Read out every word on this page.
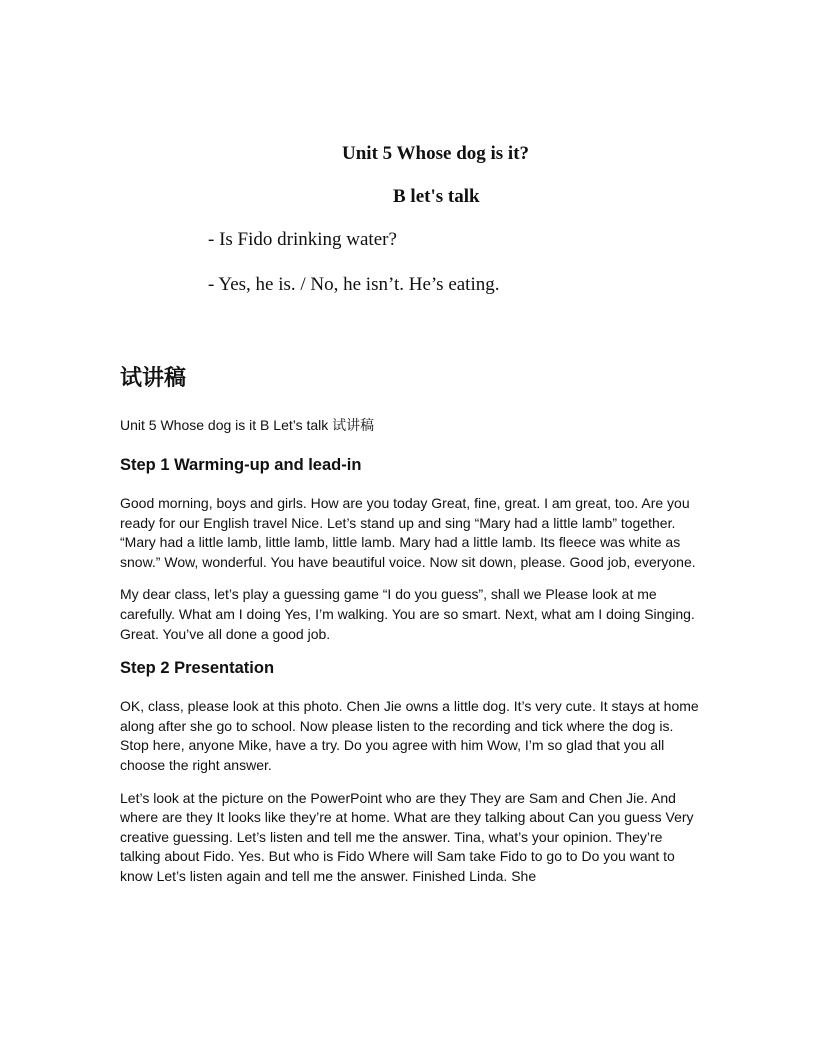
Unit 5 Whose dog is it?
B let's talk
- Is Fido drinking water?
- Yes, he is. / No, he isn’t. He’s eating.
试讲稿
Unit 5 Whose dog is it B Let’s talk 试讲稿
Step 1 Warming-up and lead-in

Good morning, boys and girls. How are you today Great, fine, great. I am great, too. Are you ready for our English travel Nice. Let’s stand up and sing “Mary had a little lamb” together. “Mary had a little lamb, little lamb, little lamb. Mary had a little lamb. Its fleece was white as snow.” Wow, wonderful. You have beautiful voice. Now sit down, please. Good job, everyone.

My dear class, let’s play a guessing game “I do you guess”, shall we Please look at me carefully. What am I doing Yes, I’m walking. You are so smart. Next, what am I doing Singing. Great. You’ve all done a good job.

Step 2 Presentation

OK, class, please look at this photo. Chen Jie owns a little dog. It’s very cute. It stays at home along after she go to school. Now please listen to the recording and tick where the dog is. Stop here, anyone Mike, have a try. Do you agree with him Wow, I’m so glad that you all choose the right answer.

Let’s look at the picture on the PowerPoint who are they They are Sam and Chen Jie. And where are they It looks like they’re at home. What are they talking about Can you guess Very creative guessing. Let’s listen and tell me the answer. Tina, what’s your opinion. They’re talking about Fido. Yes. But who is Fido Where will Sam take Fido to go to Do you want to know Let’s listen again and tell me the answer. Finished Linda. She
